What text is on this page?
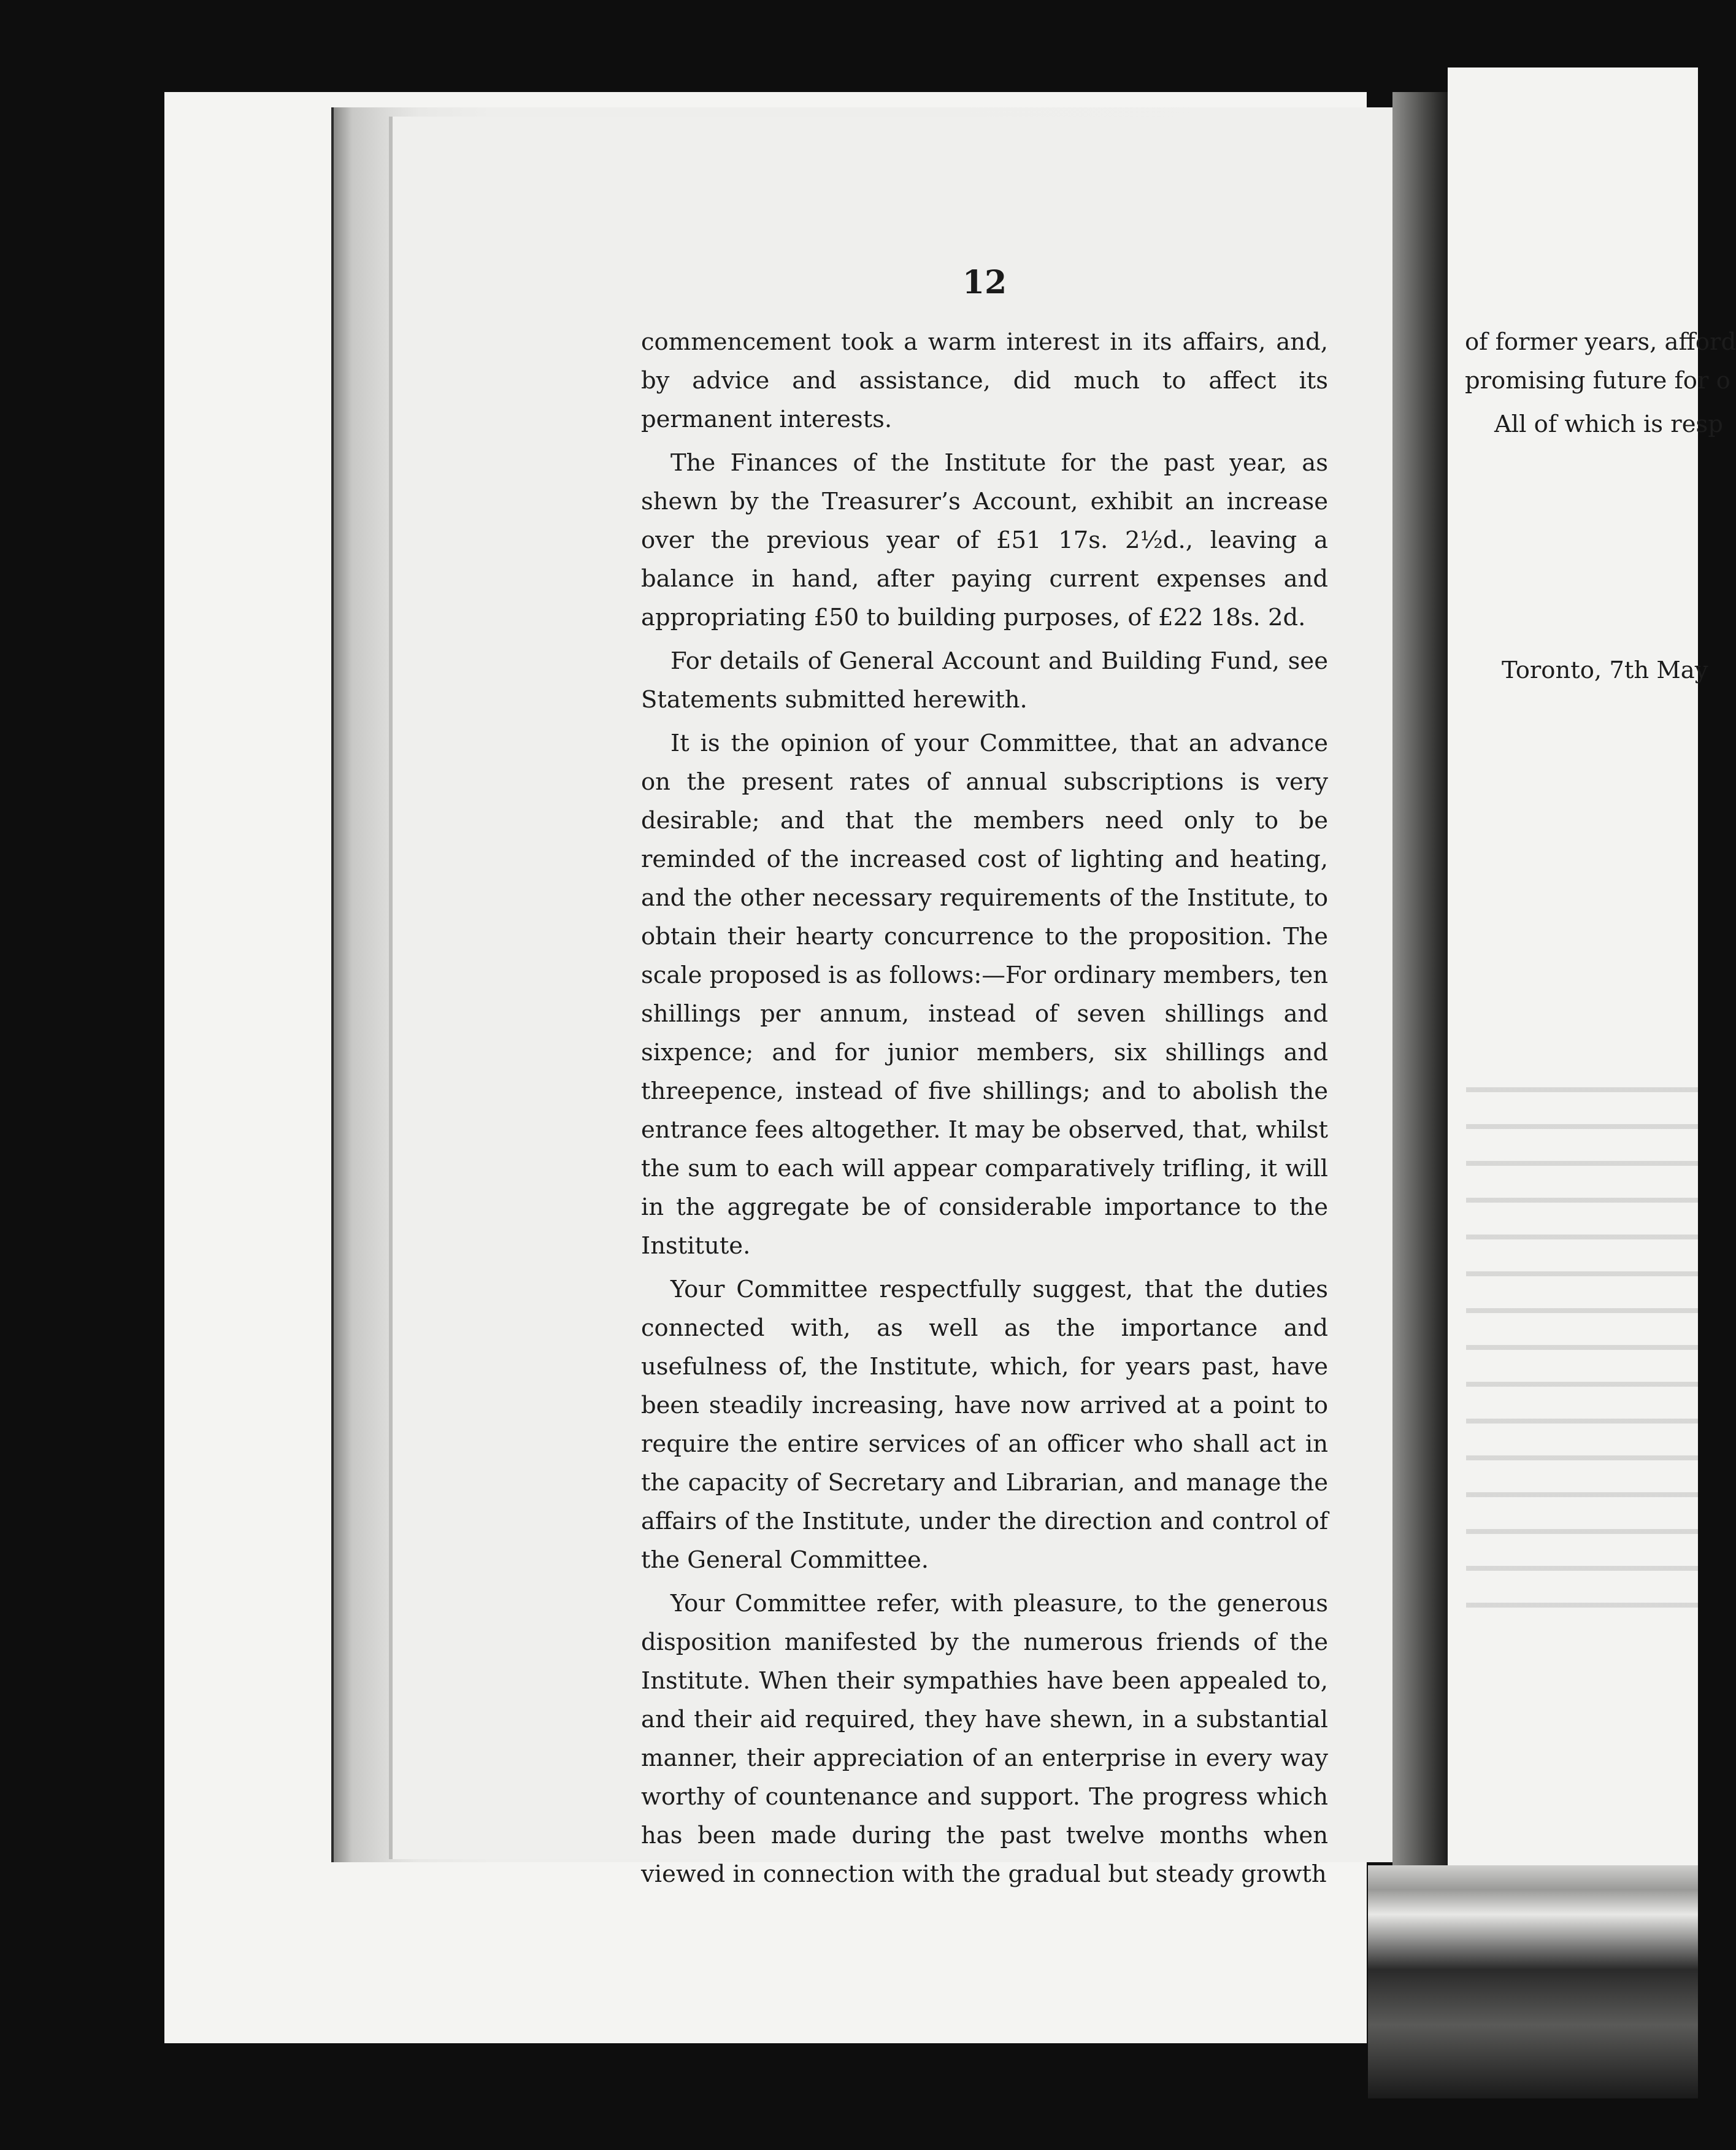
12

commencement took a warm interest in its affairs, and, by advice and assistance, did much to affect its permanent interests.

The Finances of the Institute for the past year, as shewn by the Treasurer’s Account, exhibit an increase over the previous year of £51 17s. 2½d., leaving a balance in hand, after paying current expenses and appropriating £50 to building purposes, of £22 18s. 2d.

For details of General Account and Building Fund, see Statements submitted herewith.

It is the opinion of your Committee, that an advance on the present rates of annual subscriptions is very desirable; and that the members need only to be reminded of the increased cost of lighting and heating, and the other necessary requirements of the Institute, to obtain their hearty concurrence to the proposition. The scale proposed is as follows:—For ordinary members, ten shillings per annum, instead of seven shillings and sixpence; and for junior members, six shillings and threepence, instead of five shillings; and to abolish the entrance fees altogether. It may be observed, that, whilst the sum to each will appear comparatively trifling, it will in the aggregate be of considerable importance to the Institute.

Your Committee respectfully suggest, that the duties connected with, as well as the importance and usefulness of, the Institute, which, for years past, have been steadily increasing, have now arrived at a point to require the entire services of an officer who shall act in the capacity of Secretary and Librarian, and manage the affairs of the Institute, under the direction and control of the General Committee.

Your Committee refer, with pleasure, to the generous disposition manifested by the numerous friends of the Institute. When their sympathies have been appealed to, and their aid required, they have shewn, in a substantial manner, their appreciation of an enterprise in every way worthy of countenance and support. The progress which has been made during the past twelve months when viewed in connection with the gradual but steady growth

of former years, afford

promising future for o

All of which is resp

Toronto, 7th May
